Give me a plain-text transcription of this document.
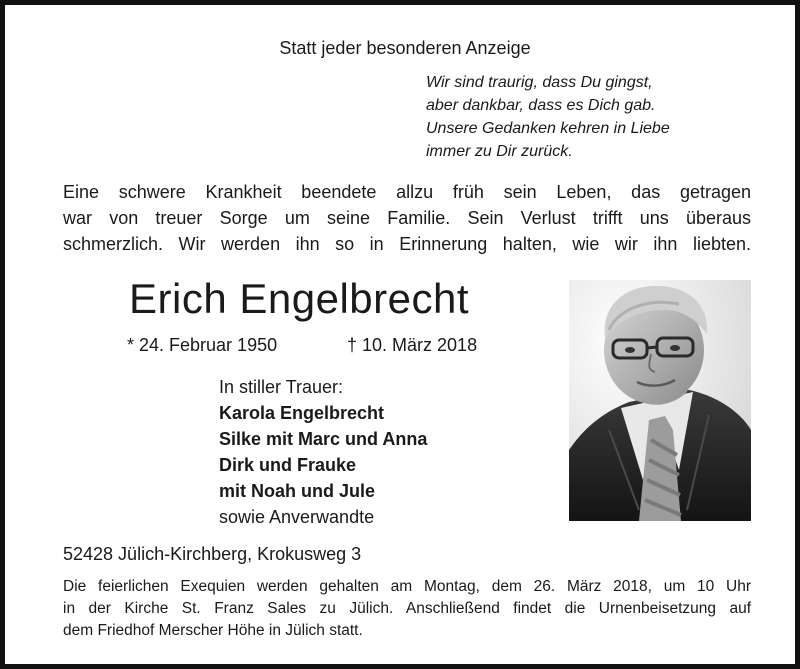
Statt jeder besonderen Anzeige
Wir sind traurig, dass Du gingst,
aber dankbar, dass es Dich gab.
Unsere Gedanken kehren in Liebe
immer zu Dir zurück.
Eine schwere Krankheit beendete allzu früh sein Leben, das getragen
war von treuer Sorge um seine Familie. Sein Verlust trifft uns überaus
schmerzlich. Wir werden ihn so in Erinnerung halten, wie wir ihn liebten.
Erich Engelbrecht
* 24. Februar 1950	† 10. März 2018
In stiller Trauer:
Karola Engelbrecht
Silke mit Marc und Anna
Dirk und Frauke
mit Noah und Jule
sowie Anverwandte
52428 Jülich-Kirchberg, Krokusweg 3
Die feierlichen Exequien werden gehalten am Montag, dem 26. März 2018, um 10 Uhr
in der Kirche St. Franz Sales zu Jülich. Anschließend findet die Urnenbeisetzung auf
dem Friedhof Merscher Höhe in Jülich statt.
